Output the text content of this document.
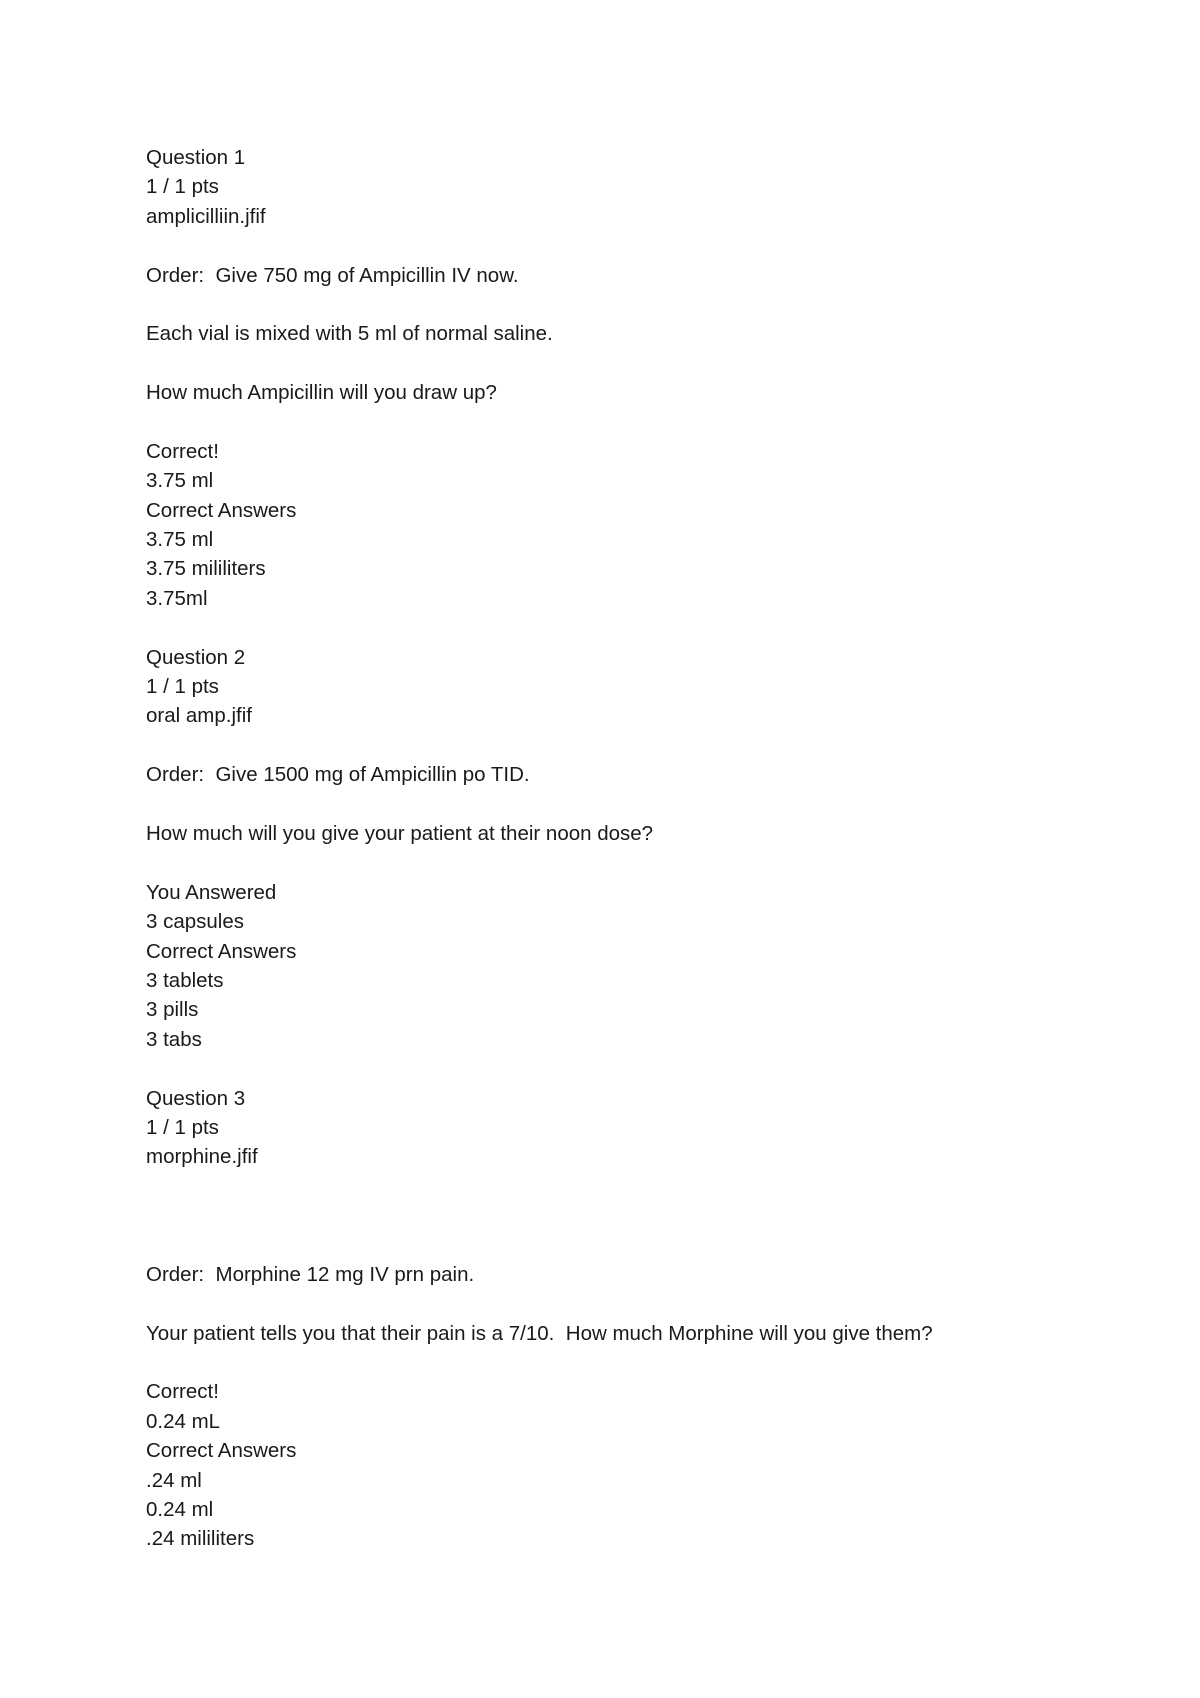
Question 1
1 / 1 pts
amplicilliin.jfif
Order:  Give 750 mg of Ampicillin IV now.
Each vial is mixed with 5 ml of normal saline.
How much Ampicillin will you draw up?
Correct!
3.75 ml
Correct Answers
3.75 ml
3.75 mililiters
3.75ml
Question 2
1 / 1 pts
oral amp.jfif
Order:  Give 1500 mg of Ampicillin po TID.
How much will you give your patient at their noon dose?
You Answered
3 capsules
Correct Answers
3 tablets
3 pills
3 tabs
Question 3
1 / 1 pts
morphine.jfif
Order:  Morphine 12 mg IV prn pain.
Your patient tells you that their pain is a 7/10.  How much Morphine will you give them?
Correct!
0.24 mL
Correct Answers
.24 ml
0.24 ml
.24 mililiters
